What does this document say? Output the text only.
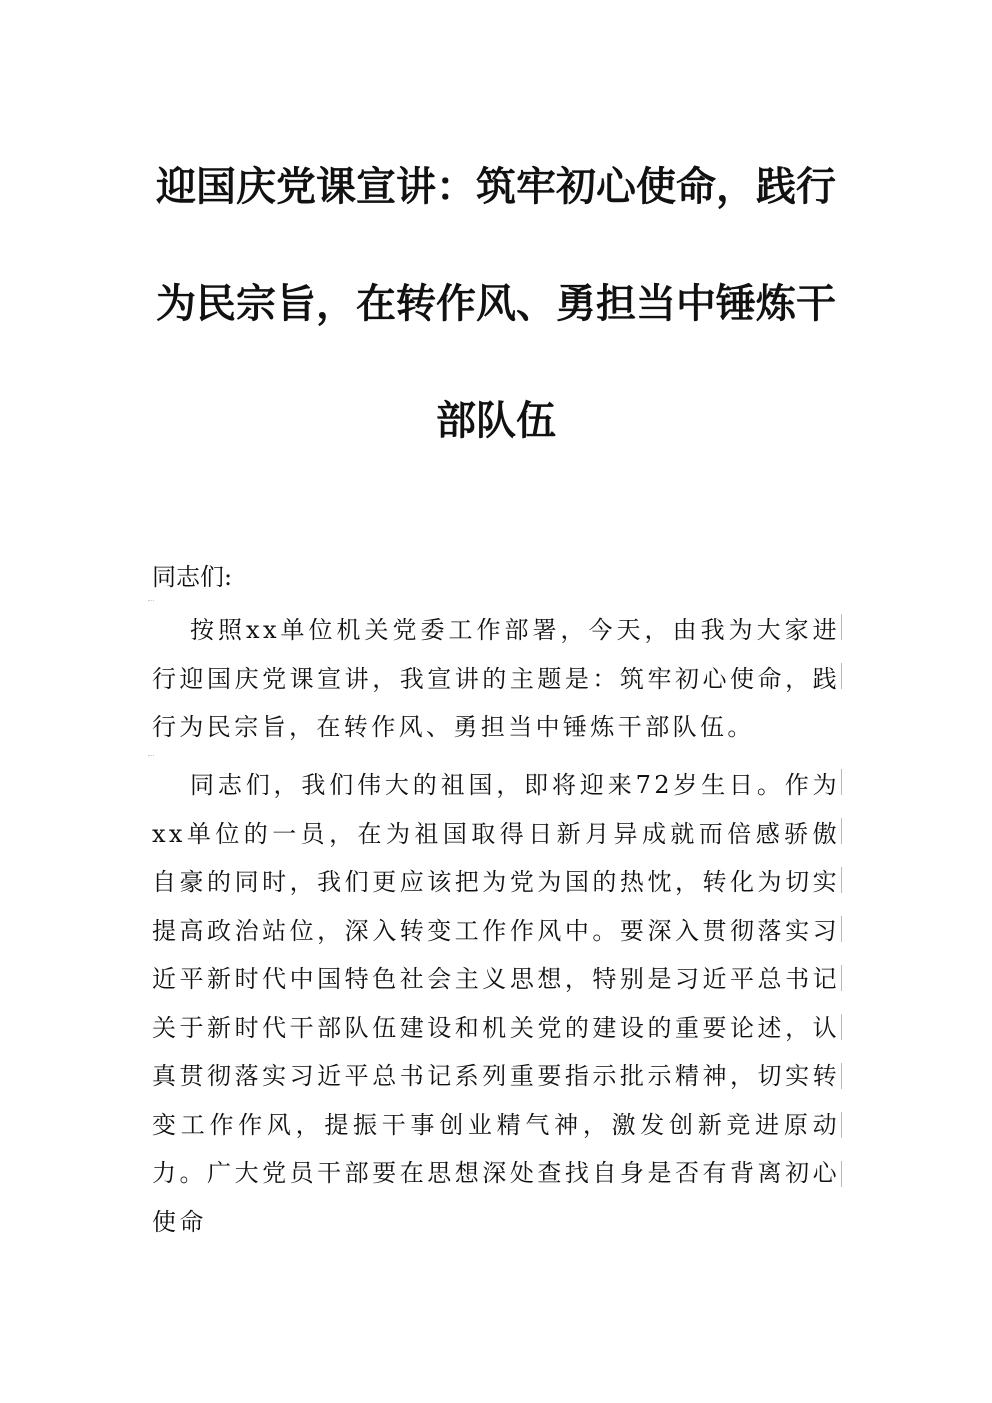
迎国庆党课宣讲：筑牢初心使命，践行为民宗旨，在转作风、勇担当中锤炼干部队伍

同志们:

按照xx单位机关党委工作部署，今天，由我为大家进行迎国庆党课宣讲，我宣讲的主题是：筑牢初心使命，践行为民宗旨，在转作风、勇担当中锤炼干部队伍。

同志们，我们伟大的祖国，即将迎来72岁生日。作为xx单位的一员，在为祖国取得日新月异成就而倍感骄傲自豪的同时，我们更应该把为党为国的热忱，转化为切实提高政治站位，深入转变工作作风中。要深入贯彻落实习近平新时代中国特色社会主义思想，特别是习近平总书记关于新时代干部队伍建设和机关党的建设的重要论述，认真贯彻落实习近平总书记系列重要指示批示精神，切实转变工作作风，提振干事创业精气神，激发创新竞进原动力。广大党员干部要在思想深处查找自身是否有背离初心使命
